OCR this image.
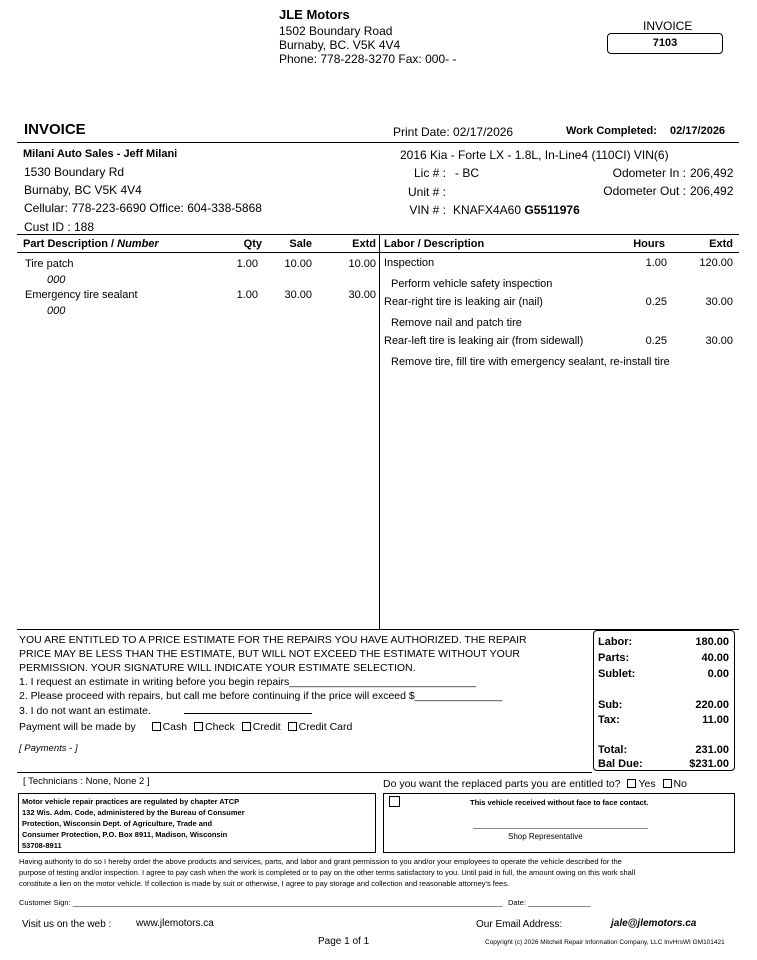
JLE Motors
1502 Boundary Road
Burnaby, BC. V5K 4V4
Phone: 778-228-3270 Fax: 000- -
INVOICE
7103
INVOICE	Print Date: 02/17/2026	Work Completed: 02/17/2026
Milani Auto Sales - Jeff Milani
1530 Boundary Rd
Burnaby, BC V5K 4V4
Cellular: 778-223-6690 Office: 604-338-5868
Cust ID : 188
2016 Kia - Forte LX - 1.8L, In-Line4 (110CI) VIN(6)
Lic # : - BC
Unit # :
VIN # : KNAFX4A60 G5511976
Odometer In : 206,492
Odometer Out : 206,492
Part Description / Number	Qty	Sale	Extd Labor / Description	Hours	Extd
Tire patch
000
1.00	10.00	10.00
Emergency tire sealant
000
1.00	30.00	30.00
Inspection	1.00	120.00
Perform vehicle safety inspection
Rear-right tire is leaking air (nail)	0.25	30.00
Remove nail and patch tire
Rear-left tire is leaking air (from sidewall)	0.25	30.00
Remove tire, fill tire with emergency sealant, re-install tire
YOU ARE ENTITLED TO A PRICE ESTIMATE FOR THE REPAIRS YOU HAVE AUTHORIZED. THE REPAIR
PRICE MAY BE LESS THAN THE ESTIMATE, BUT WILL NOT EXCEED THE ESTIMATE WITHOUT YOUR
PERMISSION. YOUR SIGNATURE WILL INDICATE YOUR ESTIMATE SELECTION.
1. I request an estimate in writing before you begin repairs________________________________
2. Please proceed with repairs, but call me before continuing if the price will exceed $_______________
3. I do not want an estimate.
Payment will be made by	Cash Check Credit Credit Card
[ Payments - ]
Labor:	180.00
Parts:	40.00
Sublet:	0.00
Sub:	220.00
Tax:	11.00
Total:	231.00
Bal Due:	$231.00
[ Technicians : None, None 2 ]	Do you want the replaced parts you are entitled to? Yes No
Motor vehicle repair practices are regulated by chapter ATCP
132 Wis. Adm. Code, administered by the Bureau of Consumer
Protection, Wisconsin Dept. of Agriculture, Trade and
Consumer Protection, P.O. Box 8911, Madison, Wisconsin
53708-8911
This vehicle received without face to face contact.
Shop Representative
Having authority to do so I hereby order the above products and services, parts, and labor and grant permission to you and/or your employees to operate the vehicle described for the
purpose of testing and/or inspection. I agree to pay cash when the work is completed or to pay on the other terms satisfactory to you. Until paid in full, the amount owing on this work shall
constitute a lien on the motor vehicle. If collection is made by suit or otherwise, I agree to pay storage and collection and reasonable attorney's fees.
Customer Sign: _______________________________________________________________________________________________________ Date: _______________
Visit us on the web : www.jlemotors.ca	Our Email Address:	jale@jlemotors.ca
Page 1 of 1	Copyright (c) 2026 Mitchell Repair Information Company, LLC InvHrsWI GM101421
